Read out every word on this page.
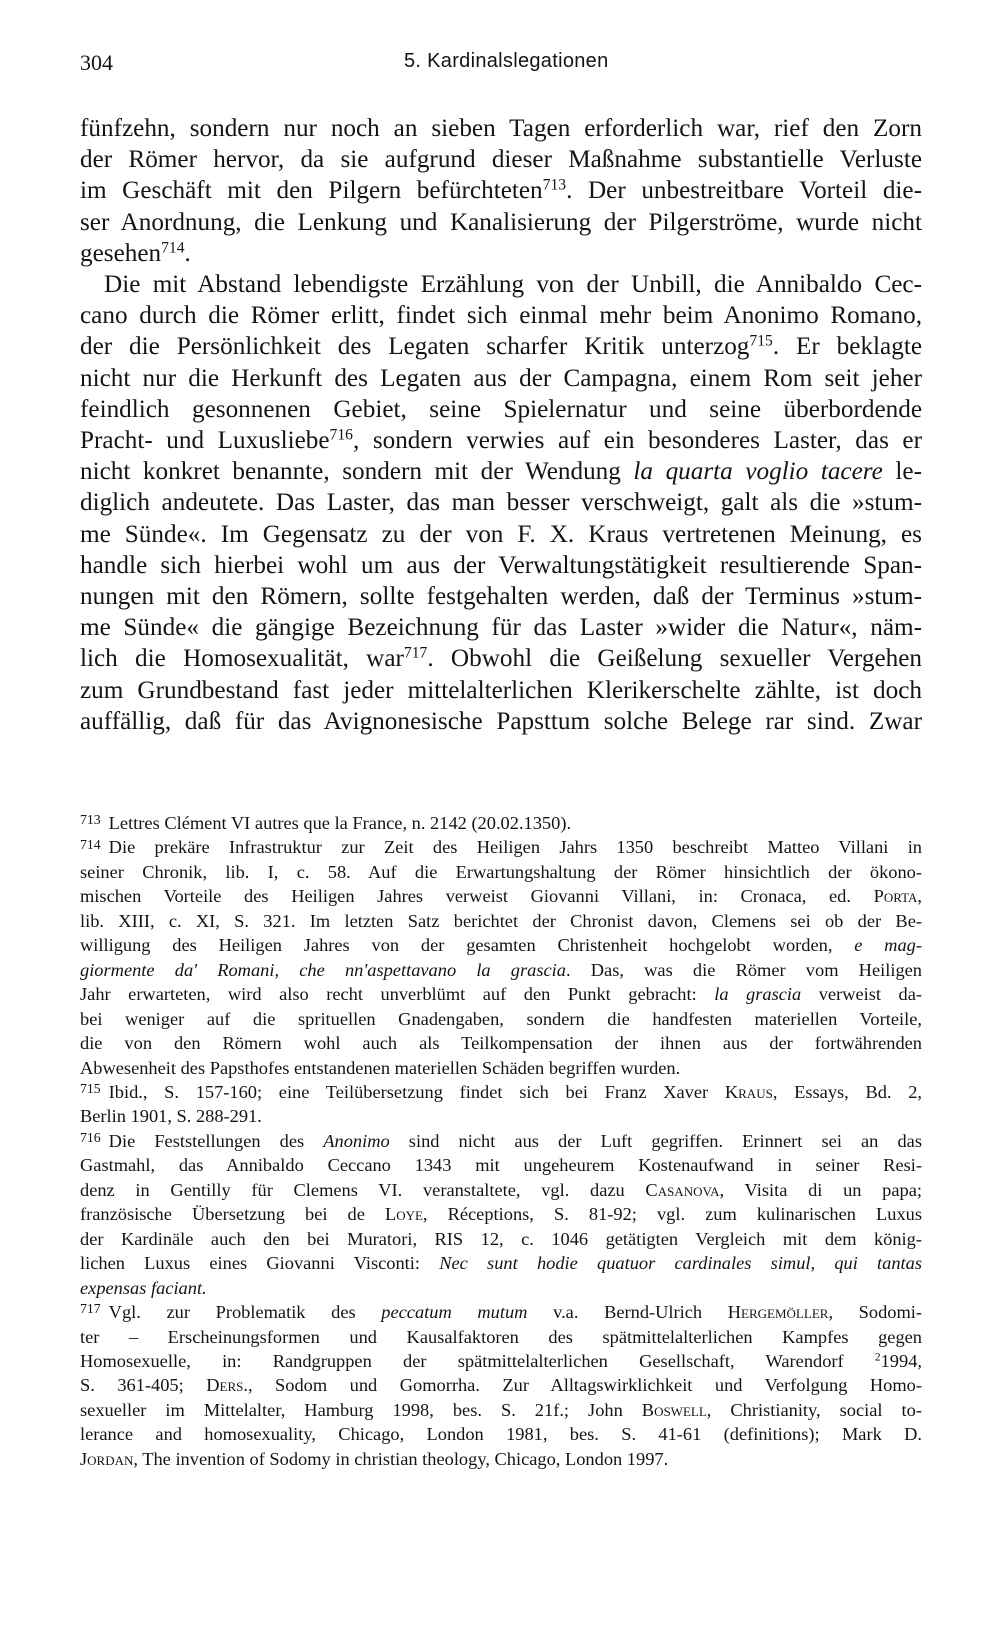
304	5. Kardinalslegationen

fünfzehn, sondern nur noch an sieben Tagen erforderlich war, rief den Zorn

der Römer hervor, da sie aufgrund dieser Maßnahme substantielle Verluste

im Geschäft mit den Pilgern befürchteten$^{713}$. Der unbestreitbare Vorteil die-

ser Anordnung, die Lenkung und Kanalisierung der Pilgerströme, wurde nicht

gesehen$^{714}$.

Die mit Abstand lebendigste Erzählung von der Unbill, die Annibaldo Cec-

cano durch die Römer erlitt, findet sich einmal mehr beim Anonimo Romano,

der die Persönlichkeit des Legaten scharfer Kritik unterzog$^{715}$. Er beklagte

nicht nur die Herkunft des Legaten aus der Campagna, einem Rom seit jeher

feindlich gesonnenen Gebiet, seine Spielernatur und seine überbordende

Pracht- und Luxusliebe$^{716}$, sondern verwies auf ein besonderes Laster, das er

nicht konkret benannte, sondern mit der Wendung la quarta voglio tacere le-

diglich andeutete. Das Laster, das man besser verschweigt, galt als die »stum-

me Sünde«. Im Gegensatz zu der von F. X. Kraus vertretenen Meinung, es

handle sich hierbei wohl um aus der Verwaltungstätigkeit resultierende Span-

nungen mit den Römern, sollte festgehalten werden, daß der Terminus »stum-

me Sünde« die gängige Bezeichnung für das Laster »wider die Natur«, näm-

lich die Homosexualität, war$^{717}$. Obwohl die Geißelung sexueller Vergehen

zum Grundbestand fast jeder mittelalterlichen Klerikerschelte zählte, ist doch

auffällig, daß für das Avignonesische Papsttum solche Belege rar sind. Zwar

$^{713}$ Lettres Clément VI autres que la France, n. 2142 (20.02.1350).

$^{714}$ Die prekäre Infrastruktur zur Zeit des Heiligen Jahrs 1350 beschreibt Matteo Villani in

seiner Chronik, lib. I, c. 58. Auf die Erwartungshaltung der Römer hinsichtlich der ökono-

mischen Vorteile des Heiligen Jahres verweist Giovanni Villani, in: Cronaca, ed. Porta,

lib. XIII, c. XI, S. 321. Im letzten Satz berichtet der Chronist davon, Clemens sei ob der Be-

willigung des Heiligen Jahres von der gesamten Christenheit hochgelobt worden, e mag-

giormente da' Romani, che nn'aspettavano la grascia. Das, was die Römer vom Heiligen

Jahr erwarteten, wird also recht unverblümt auf den Punkt gebracht: la grascia verweist da-

bei weniger auf die sprituellen Gnadengaben, sondern die handfesten materiellen Vorteile,

die von den Römern wohl auch als Teilkompensation der ihnen aus der fortwährenden

Abwesenheit des Papsthofes entstandenen materiellen Schäden begriffen wurden.

$^{715}$ Ibid., S. 157-160; eine Teilübersetzung findet sich bei Franz Xaver Kraus, Essays, Bd. 2,

Berlin 1901, S. 288-291.

$^{716}$ Die Feststellungen des Anonimo sind nicht aus der Luft gegriffen. Erinnert sei an das

Gastmahl, das Annibaldo Ceccano 1343 mit ungeheurem Kostenaufwand in seiner Resi-

denz in Gentilly für Clemens VI. veranstaltete, vgl. dazu Casanova, Visita di un papa;

französische Übersetzung bei de Loye, Réceptions, S. 81-92; vgl. zum kulinarischen Luxus

der Kardinäle auch den bei Muratori, RIS 12, c. 1046 getätigten Vergleich mit dem könig-

lichen Luxus eines Giovanni Visconti: Nec sunt hodie quatuor cardinales simul, qui tantas

expensas faciant.

$^{717}$ Vgl. zur Problematik des peccatum mutum v.a. Bernd-Ulrich Hergemöller, Sodomi-

ter – Erscheinungsformen und Kausalfaktoren des spätmittelalterlichen Kampfes gegen

Homosexuelle, in: Randgruppen der spätmittelalterlichen Gesellschaft, Warendorf $^2$1994,

S. 361-405; Ders., Sodom und Gomorrha. Zur Alltagswirklichkeit und Verfolgung Homo-

sexueller im Mittelalter, Hamburg 1998, bes. S. 21f.; John Boswell, Christianity, social to-

lerance and homosexuality, Chicago, London 1981, bes. S. 41-61 (definitions); Mark D.

Jordan, The invention of Sodomy in christian theology, Chicago, London 1997.
